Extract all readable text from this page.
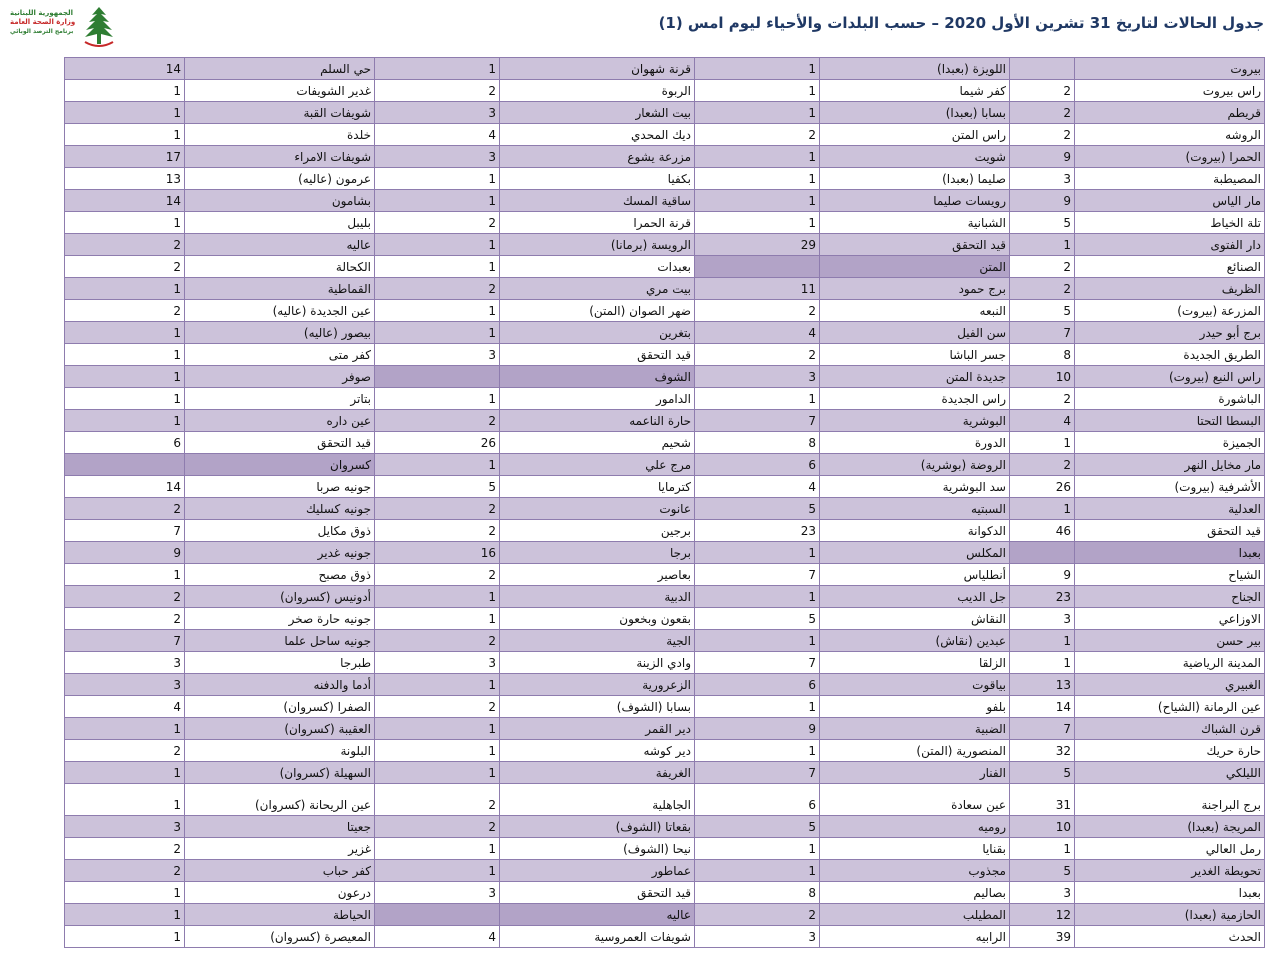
الجمهورية اللبنانية
وزارة الصحة العامة
برنامج الترصد الوبائي	جدول الحالات لتاريخ 31 تشرين الأول 2020 – حسب البلدات والأحياء ليوم امس (1)
بيروت		اللويزة (بعبدا)	1	قرنة شهوان	1	حي السلم	14
راس بيروت	2	كفر شيما	1	الربوة	2	غدير الشويفات	1
قريطم	2	بسابا (بعبدا)	1	بيت الشعار	3	شويفات القبة	1
الروشه	2	راس المتن	2	ديك المحدي	4	خلدة	1
الحمرا (بيروت)	9	شويت	1	مزرعة يشوع	3	شويفات الامراء	17
المصيطبة	3	صليما (بعبدا)	1	بكفيا	1	عرمون (عاليه)	13
مار الياس	9	رويسات صليما	1	ساقية المسك	1	بشامون	14
تلة الخياط	5	الشبانية	1	قرنة الحمرا	2	بليبل	1
دار الفتوى	1	قيد التحقق	29	الرويسة (برمانا)	1	عاليه	2
الصنائع	2	المتن		بعبدات	1	الكحالة	2
الظريف	2	برج حمود	11	بيت مري	2	القماطية	1
المزرعة (بيروت)	5	النبعه	2	ضهر الصوان (المتن)	1	عين الجديدة (عاليه)	2
برج أبو حيدر	7	سن الفيل	4	بتغرين	1	بيصور (عاليه)	1
الطريق الجديدة	8	جسر الباشا	2	قيد التحقق	3	كفر متى	1
راس النبع (بيروت)	10	جديدة المتن	3	الشوف		صوفر	1
الباشورة	2	راس الجديدة	1	الدامور	1	بتاتر	1
البسطا التحتا	4	البوشرية	7	حارة الناعمه	2	عين داره	1
الجميزة	1	الدورة	8	شحيم	26	قيد التحقق	6
مار مخايل النهر	2	الروضة (بوشرية)	6	مرج علي	1	كسروان	
الأشرفية (بيروت)	26	سد البوشرية	4	كترمايا	5	جونيه صربا	14
العدلية	1	السبتيه	5	عانوت	2	جونيه كسليك	2
قيد التحقق	46	الدكوانة	23	برجين	2	ذوق مكايل	7
بعبدا		المكلس	1	برجا	16	جونيه غدير	9
الشياح	9	أنطلياس	7	بعاصير	2	ذوق مصبح	1
الجناح	23	جل الديب	1	الدبية	1	أدونيس (كسروان)	2
الاوزاعي	3	النقاش	5	بقعون وبخعون	1	جونيه حارة صخر	2
بير حسن	1	عبدين (نقاش)	1	الجية	2	جونيه ساحل علما	7
المدينة الرياضية	1	الزلقا	7	وادي الزينة	3	طبرجا	3
الغبيري	13	بياقوت	6	الزعرورية	1	أدما والدفنه	3
عين الرمانة (الشياح)	14	بلفو	1	بسابا (الشوف)	2	الصفرا (كسروان)	4
قرن الشباك	7	الضبية	9	دير القمر	1	العقيبة (كسروان)	1
حارة حريك	32	المنصورية (المتن)	1	دير كوشه	1	البلونة	2
الليلكي	5	الفنار	7	الغريفة	1	السهيلة (كسروان)	1
برج البراجنة	31	عين سعادة	6	الجاهلية	2	عين الريحانة (كسروان)	1
المريجة (بعبدا)	10	روميه	5	بقعاتا (الشوف)	2	جعيتا	3
رمل العالي	1	بقنايا	1	نيحا (الشوف)	1	غزير	2
تحويطة الغدير	5	مجذوب	1	عماطور	1	كفر حباب	2
بعبدا	3	بصاليم	8	قيد التحقق	3	درعون	1
الحازمية (بعبدا)	12	المطيلب	2	عاليه		الحياطة	1
الحدث	39	الرابيه	3	شويفات العمروسية	4	المعيصرة (كسروان)	1
